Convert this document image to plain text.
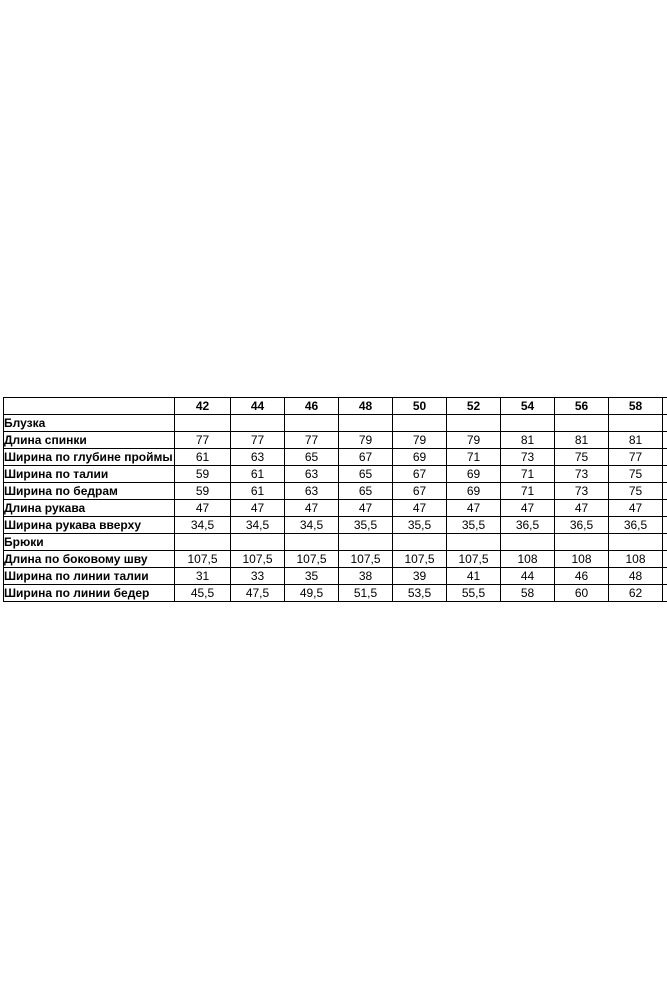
	42	44	46	48	50	52	54	56	58	
Блузка										
Длина спинки	77	77	77	79	79	79	81	81	81	
Ширина по глубине проймы	61	63	65	67	69	71	73	75	77	
Ширина по талии	59	61	63	65	67	69	71	73	75	
Ширина по бедрам	59	61	63	65	67	69	71	73	75	
Длина рукава	47	47	47	47	47	47	47	47	47	
Ширина рукава вверху	34,5	34,5	34,5	35,5	35,5	35,5	36,5	36,5	36,5	
Брюки										
Длина по боковому шву	107,5	107,5	107,5	107,5	107,5	107,5	108	108	108	
Ширина по линии талии	31	33	35	38	39	41	44	46	48	
Ширина по линии бедер	45,5	47,5	49,5	51,5	53,5	55,5	58	60	62	
